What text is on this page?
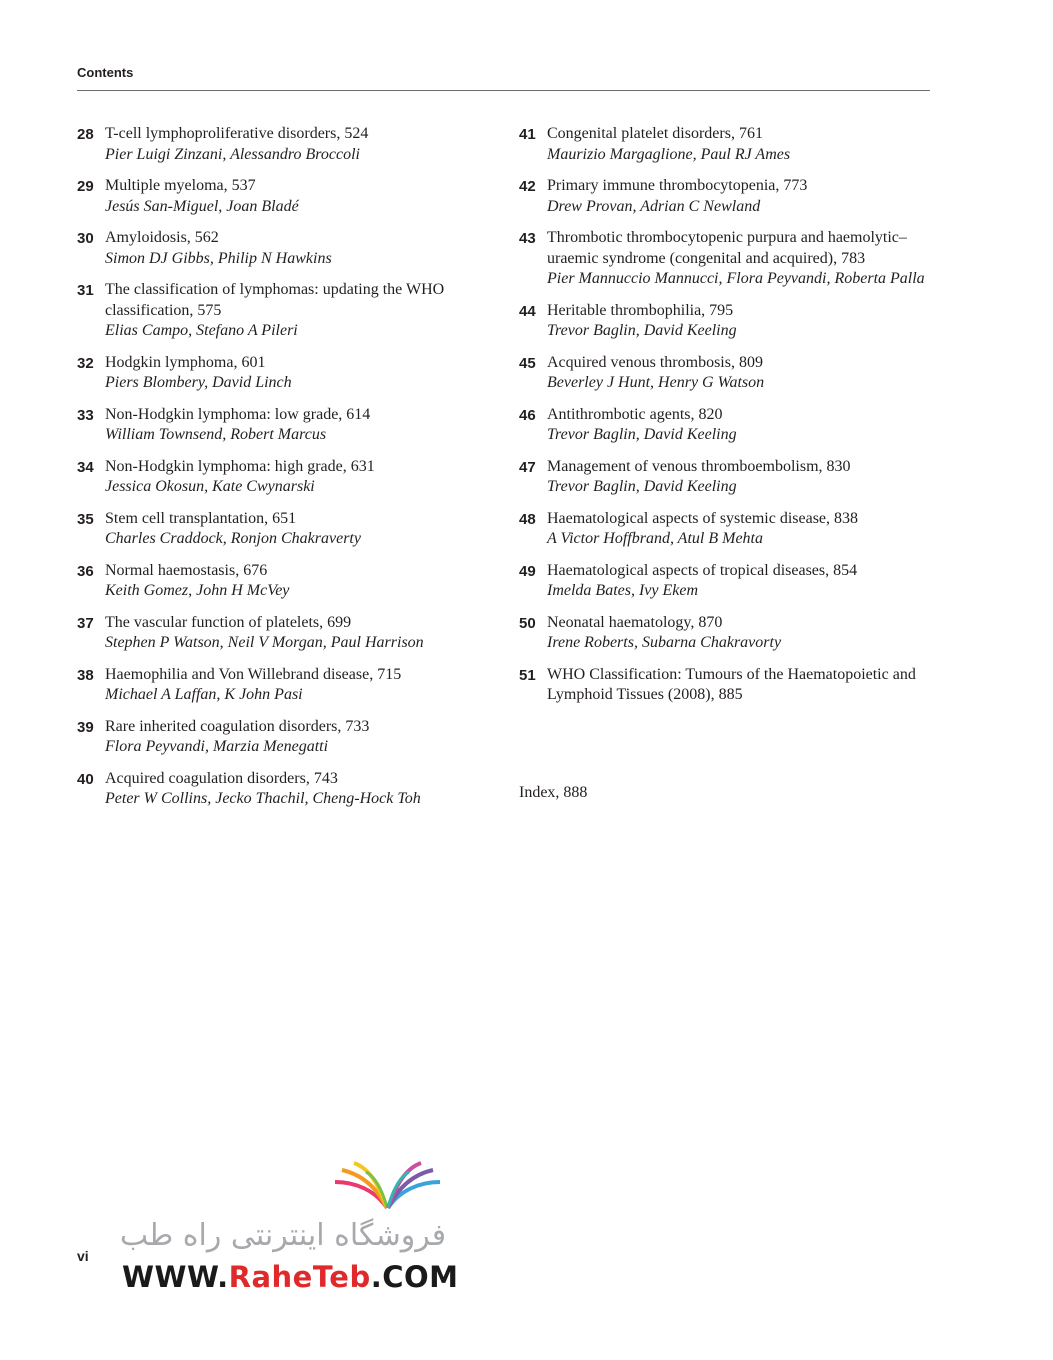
Contents
28 T-cell lymphoproliferative disorders, 524
Pier Luigi Zinzani, Alessandro Broccoli
29 Multiple myeloma, 537
Jesús San-Miguel, Joan Bladé
30 Amyloidosis, 562
Simon DJ Gibbs, Philip N Hawkins
31 The classification of lymphomas: updating the WHO classification, 575
Elias Campo, Stefano A Pileri
32 Hodgkin lymphoma, 601
Piers Blombery, David Linch
33 Non-Hodgkin lymphoma: low grade, 614
William Townsend, Robert Marcus
34 Non-Hodgkin lymphoma: high grade, 631
Jessica Okosun, Kate Cwynarski
35 Stem cell transplantation, 651
Charles Craddock, Ronjon Chakraverty
36 Normal haemostasis, 676
Keith Gomez, John H McVey
37 The vascular function of platelets, 699
Stephen P Watson, Neil V Morgan, Paul Harrison
38 Haemophilia and Von Willebrand disease, 715
Michael A Laffan, K John Pasi
39 Rare inherited coagulation disorders, 733
Flora Peyvandi, Marzia Menegatti
40 Acquired coagulation disorders, 743
Peter W Collins, Jecko Thachil, Cheng-Hock Toh
41 Congenital platelet disorders, 761
Maurizio Margaglione, Paul RJ Ames
42 Primary immune thrombocytopenia, 773
Drew Provan, Adrian C Newland
43 Thrombotic thrombocytopenic purpura and haemolytic–uraemic syndrome (congenital and acquired), 783
Pier Mannuccio Mannucci, Flora Peyvandi, Roberta Palla
44 Heritable thrombophilia, 795
Trevor Baglin, David Keeling
45 Acquired venous thrombosis, 809
Beverley J Hunt, Henry G Watson
46 Antithrombotic agents, 820
Trevor Baglin, David Keeling
47 Management of venous thromboembolism, 830
Trevor Baglin, David Keeling
48 Haematological aspects of systemic disease, 838
A Victor Hoffbrand, Atul B Mehta
49 Haematological aspects of tropical diseases, 854
Imelda Bates, Ivy Ekem
50 Neonatal haematology, 870
Irene Roberts, Subarna Chakravorty
51 WHO Classification: Tumours of the Haematopoietic and Lymphoid Tissues (2008), 885
Index, 888
vi
فروشگاه اینترنتی راه طب
WWW.RaheTeb.COM
